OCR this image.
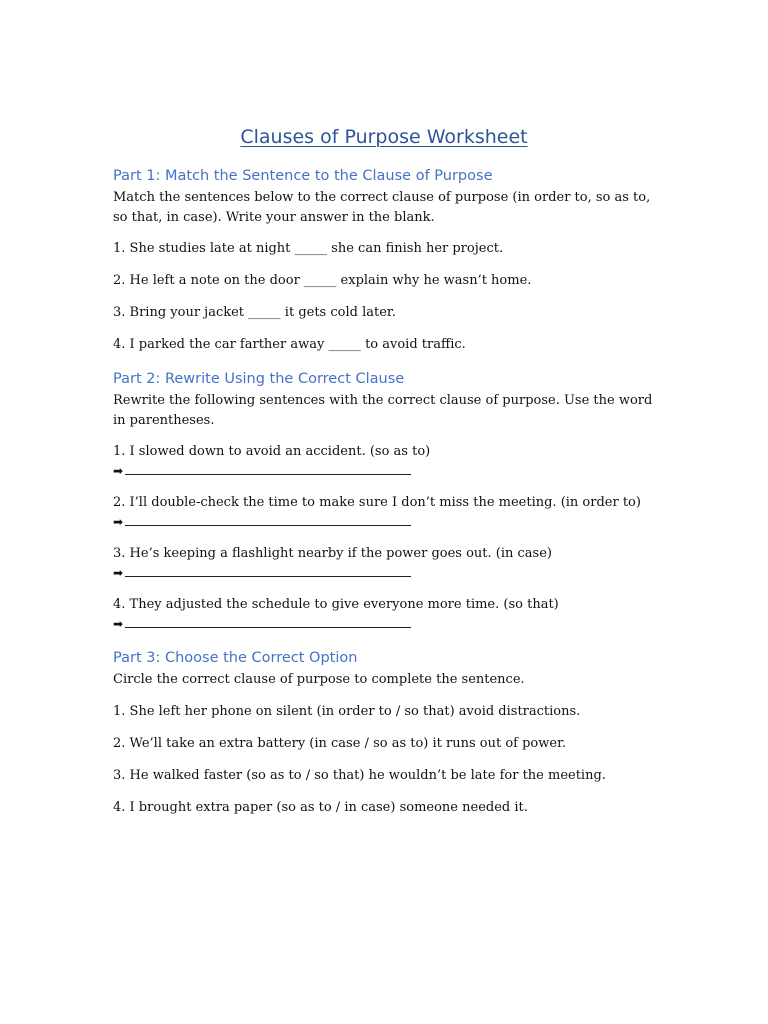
Clauses of Purpose Worksheet
Part 1: Match the Sentence to the Clause of Purpose
Match the sentences below to the correct clause of purpose (in order to, so as to, so that, in case). Write your answer in the blank.
1. She studies late at night _____ she can finish her project.
2. He left a note on the door _____ explain why he wasn’t home.
3. Bring your jacket _____ it gets cold later.
4. I parked the car farther away _____ to avoid traffic.
Part 2: Rewrite Using the Correct Clause
Rewrite the following sentences with the correct clause of purpose. Use the word in parentheses.
1. I slowed down to avoid an accident. (so as to)
➡
2. I’ll double-check the time to make sure I don’t miss the meeting. (in order to)
➡
3. He’s keeping a flashlight nearby if the power goes out. (in case)
➡
4. They adjusted the schedule to give everyone more time. (so that)
➡
Part 3: Choose the Correct Option
Circle the correct clause of purpose to complete the sentence.
1. She left her phone on silent (in order to / so that) avoid distractions.
2. We’ll take an extra battery (in case / so as to) it runs out of power.
3. He walked faster (so as to / so that) he wouldn’t be late for the meeting.
4. I brought extra paper (so as to / in case) someone needed it.
